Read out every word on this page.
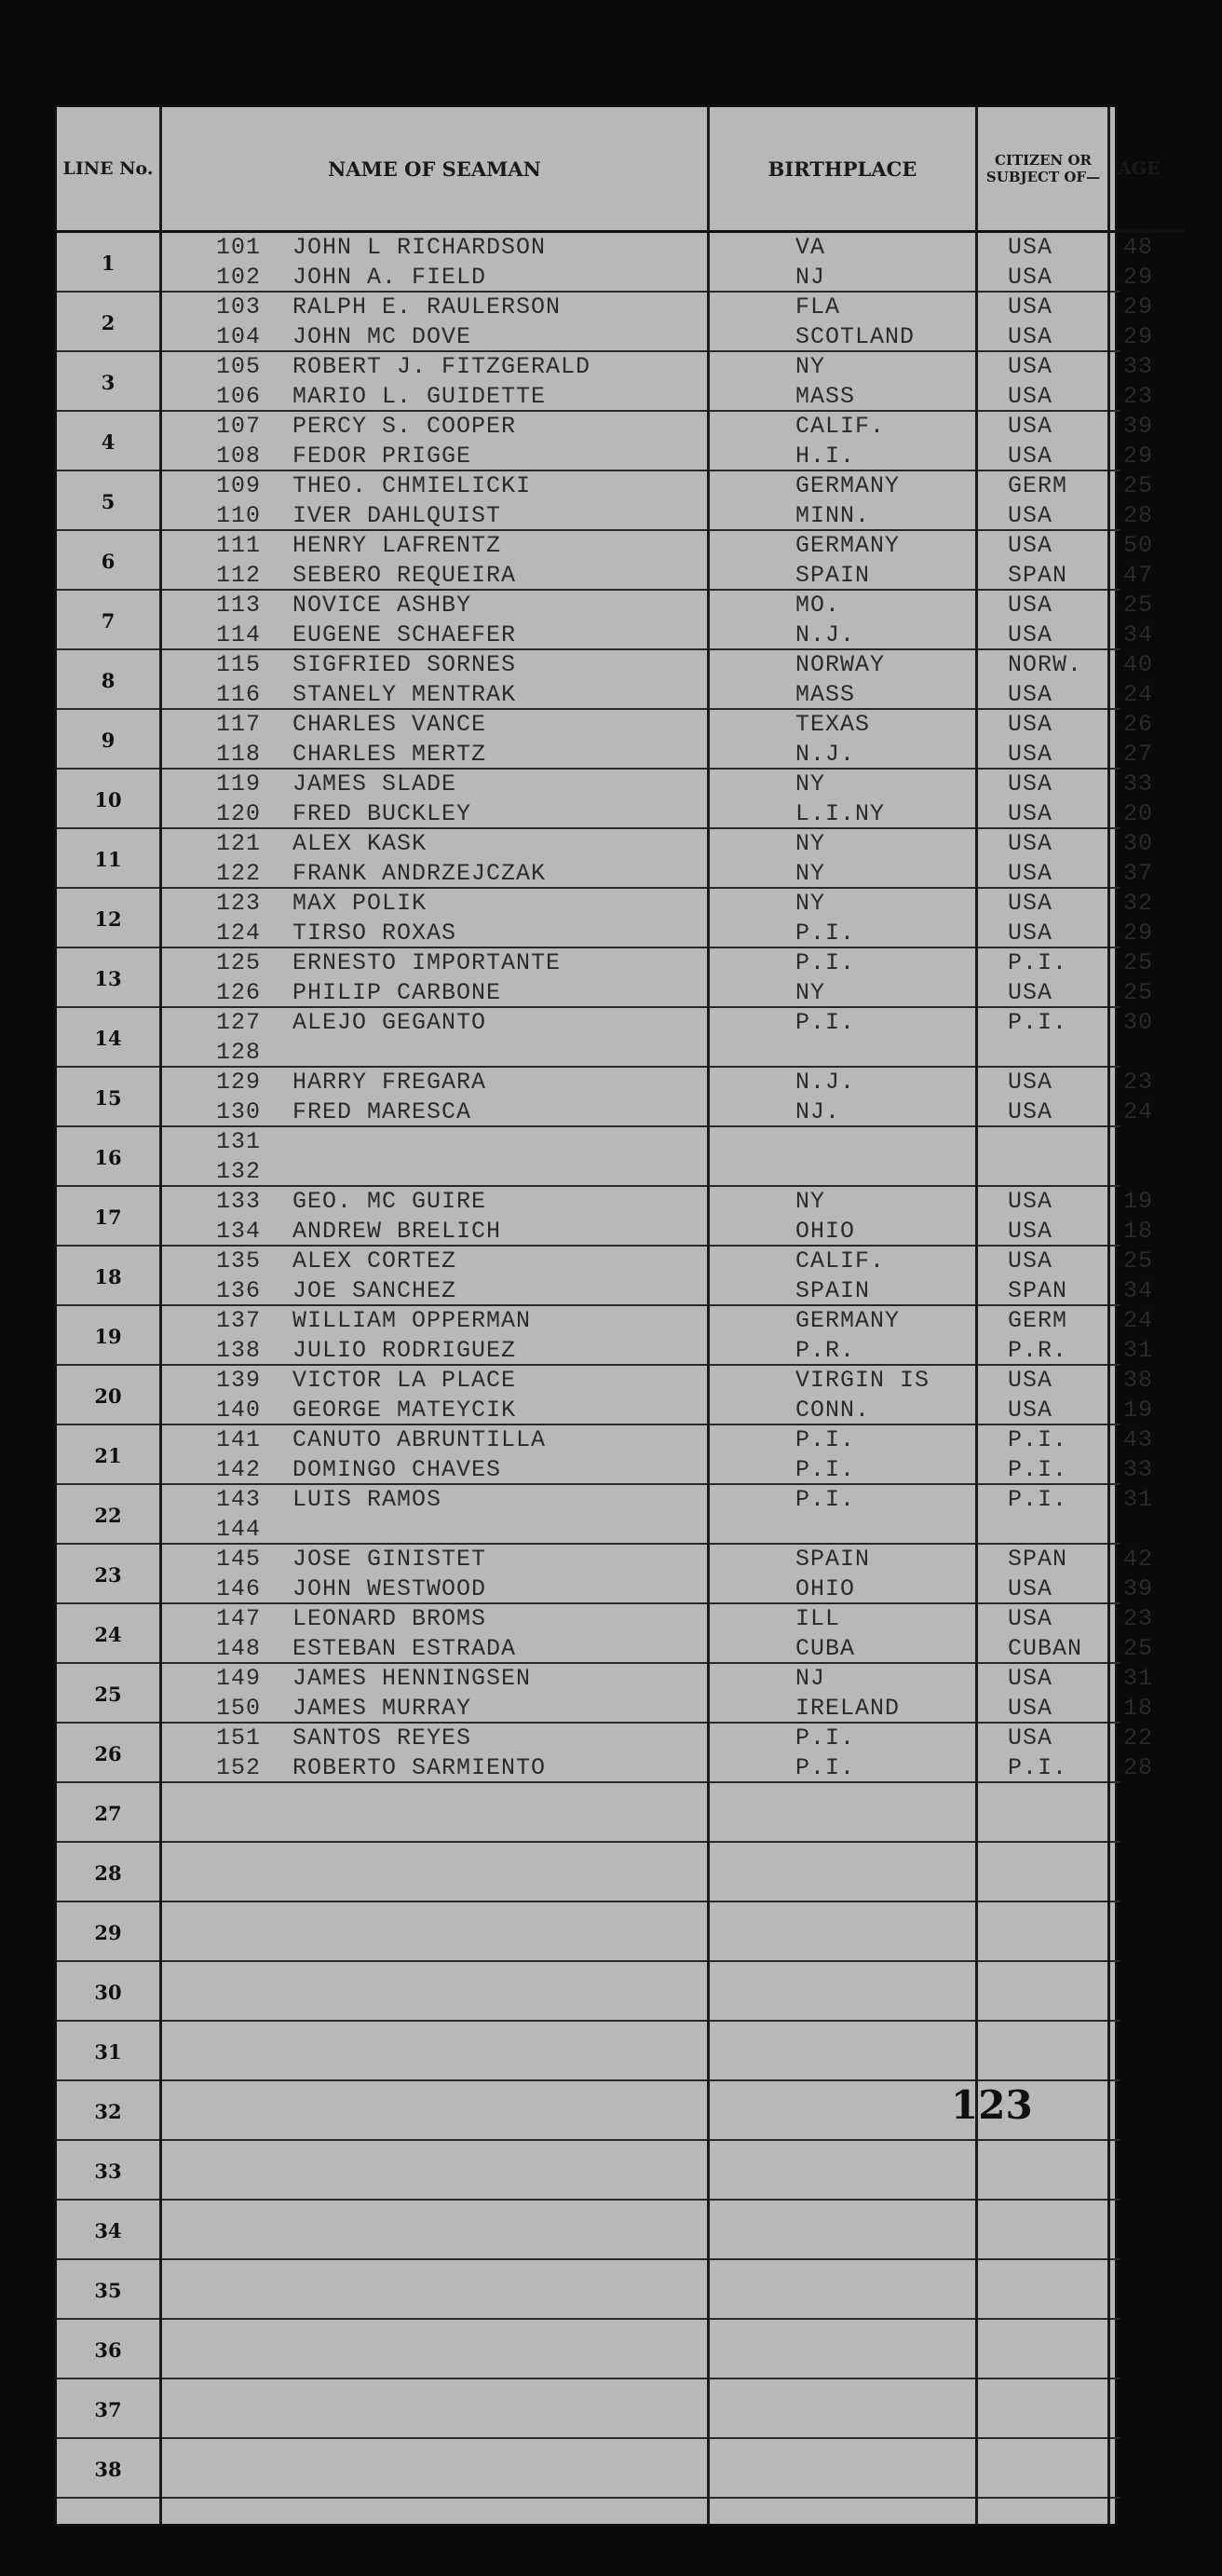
LINE No.	NAME OF SEAMAN	BIRTHPLACE	CITIZEN OR SUBJECT OF— AGE
1
101 JOHN L RICHARDSON	VA	USA	48
102 JOHN A. FIELD	NJ	USA	29
2
103 RALPH E. RAULERSON	FLA	USA	29
104 JOHN MC DOVE	SCOTLAND	USA	29
3
105 ROBERT J. FITZGERALD	NY	USA	33
106 MARIO L. GUIDETTE	MASS	USA	23
4
107 PERCY S. COOPER	CALIF.	USA	39
108 FEDOR PRIGGE	H.I.	USA	29
5
109 THEO. CHMIELICKI	GERMANY	GERM 25
110 IVER DAHLQUIST	MINN.	USA	28
6
111 HENRY LAFRENTZ	GERMANY	USA	50
112 SEBERO REQUEIRA	SPAIN	SPAN 47
7
113 NOVICE ASHBY	MO.	USA	25
114 EUGENE SCHAEFER	N.J.	USA	34
8
115 SIGFRIED SORNES	NORWAY	NORW. 40
116 STANELY MENTRAK	MASS	USA	24
9
117 CHARLES VANCE	TEXAS	USA	26
118 CHARLES MERTZ	N.J.	USA	27
10
119 JAMES SLADE	NY	USA	33
120 FRED BUCKLEY	L.I.NY	USA	20
11
121 ALEX KASK	NY	USA	30
122 FRANK ANDRZEJCZAK	NY	USA	37
12
123 MAX POLIK	NY	USA	32
124 TIRSO ROXAS	P.I.	USA	29
13
125 ERNESTO IMPORTANTE	P.I.	P.I. 25
126 PHILIP CARBONE	NY	USA	25
14
127 ALEJO GEGANTO	P.I.	P.I. 30
128
15
129 HARRY FREGARA	N.J.	USA	23
130 FRED MARESCA	NJ.	USA	24
16
131
132
17
133 GEO. MC GUIRE	NY	USA	19
134 ANDREW BRELICH	OHIO	USA	18
18
135 ALEX CORTEZ	CALIF.	USA	25
136 JOE SANCHEZ	SPAIN	SPAN 34
19
137 WILLIAM OPPERMAN	GERMANY	GERM 24
138 JULIO RODRIGUEZ	P.R.	P.R. 31
20
139 VICTOR LA PLACE	VIRGIN IS	USA	38
140 GEORGE MATEYCIK	CONN.	USA	19
21
141 CANUTO ABRUNTILLA	P.I.	P.I. 43
142 DOMINGO CHAVES	P.I.	P.I. 33
22
143 LUIS RAMOS	P.I.	P.I. 31
144
23
145 JOSE GINISTET	SPAIN	SPAN 42
146 JOHN WESTWOOD	OHIO	USA	39
24
147 LEONARD BROMS	ILL	USA	23
148 ESTEBAN ESTRADA	CUBA	CUBAN 25
25
149 JAMES HENNINGSEN	NJ	USA	31
150 JAMES MURRAY	IRELAND	USA	18
26
151 SANTOS REYES	P.I.	USA	22
152 ROBERTO SARMIENTO	P.I.	P.I. 28
27
28
29
30
31
32
33
34
35
36
37
38
123
